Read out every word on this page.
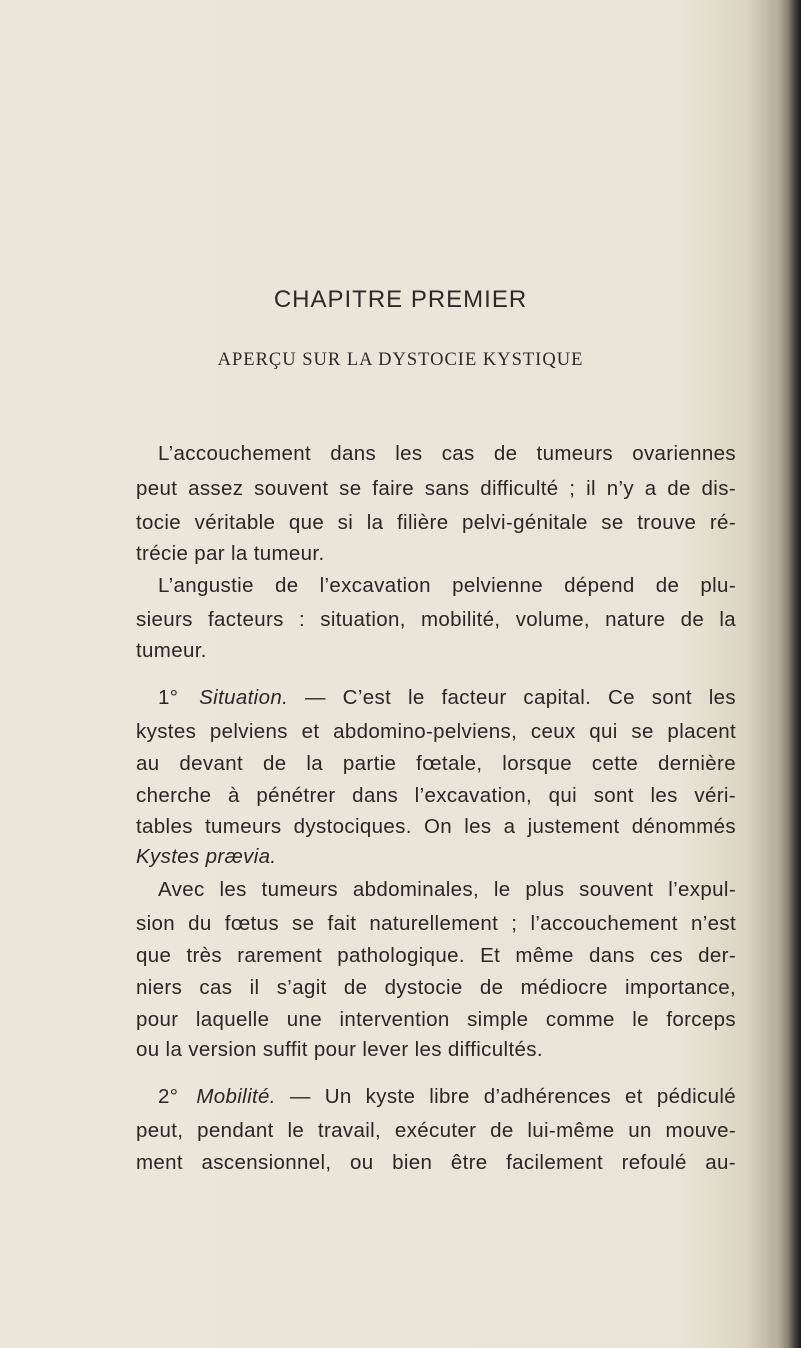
CHAPITRE PREMIER
APERÇU SUR LA DYSTOCIE KYSTIQUE
L’accouchement dans les cas de tumeurs ovariennes
peut assez souvent se faire sans difficulté ; il n’y a de dis-
tocie véritable que si la filière pelvi-génitale se trouve ré-
trécie par la tumeur.
L’angustie de l’excavation pelvienne dépend de plu-
sieurs facteurs : situation, mobilité, volume, nature de la
tumeur.
1° Situation. — C’est le facteur capital. Ce sont les
kystes pelviens et abdomino-pelviens, ceux qui se placent
au devant de la partie fœtale, lorsque cette dernière
cherche à pénétrer dans l’excavation, qui sont les véri-
tables tumeurs dystociques. On les a justement dénommés
Kystes prævia.
Avec les tumeurs abdominales, le plus souvent l’expul-
sion du fœtus se fait naturellement ; l’accouchement n’est
que très rarement pathologique. Et même dans ces der-
niers cas il s’agit de dystocie de médiocre importance,
pour laquelle une intervention simple comme le forceps
ou la version suffit pour lever les difficultés.
2° Mobilité. — Un kyste libre d’adhérences et pédiculé
peut, pendant le travail, exécuter de lui-même un mouve-
ment ascensionnel, ou bien être facilement refoulé au-
